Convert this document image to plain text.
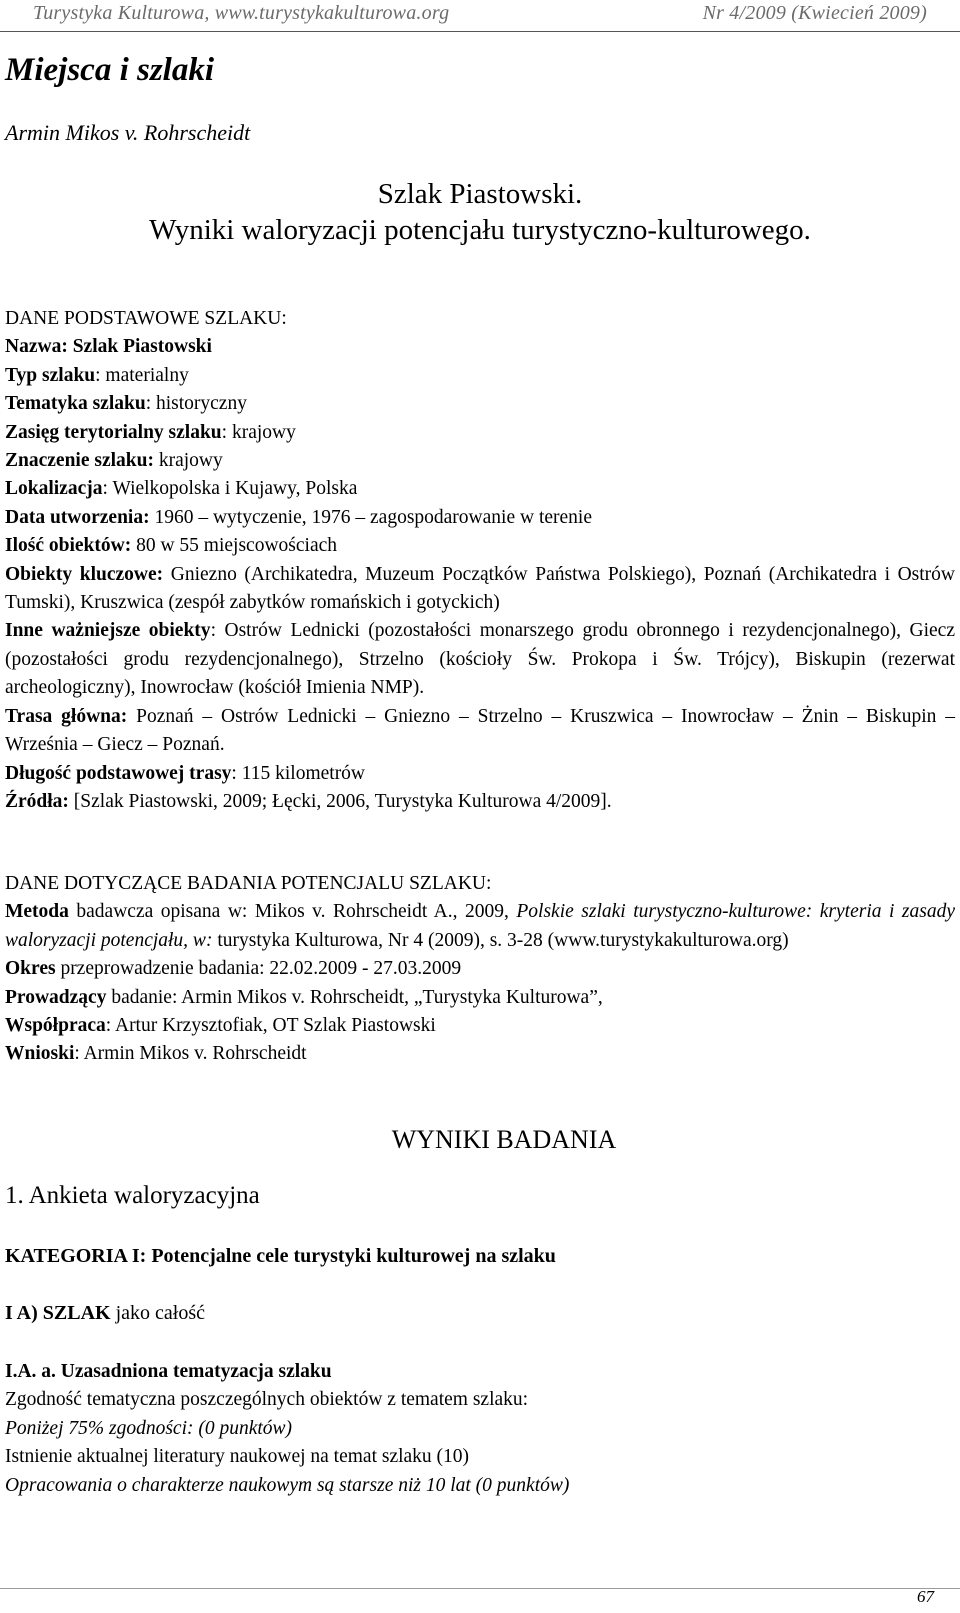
Turystyka Kulturowa, www.turystykakulturowa.org	Nr 4/2009 (Kwiecień 2009)
Miejsca i szlaki
Armin Mikos v. Rohrscheidt
Szlak Piastowski.
Wyniki waloryzacji potencjału turystyczno-kulturowego.

DANE PODSTAWOWE SZLAKU:

Nazwa: Szlak Piastowski

Typ szlaku: materialny

Tematyka szlaku: historyczny

Zasięg terytorialny szlaku: krajowy

Znaczenie szlaku: krajowy

Lokalizacja: Wielkopolska i Kujawy, Polska

Data utworzenia: 1960 – wytyczenie, 1976 – zagospodarowanie w terenie

Ilość obiektów: 80 w 55 miejscowościach

Obiekty kluczowe: Gniezno (Archikatedra, Muzeum Początków Państwa Polskiego), Poznań (Archikatedra i Ostrów Tumski), Kruszwica (zespół zabytków romańskich i gotyckich)

Inne ważniejsze obiekty: Ostrów Lednicki (pozostałości monarszego grodu obronnego i rezydencjonalnego), Giecz (pozostałości grodu rezydencjonalnego), Strzelno (kościoły Św. Prokopa i Św. Trójcy), Biskupin (rezerwat archeologiczny), Inowrocław (kościół Imienia NMP).

Trasa główna: Poznań – Ostrów Lednicki – Gniezno – Strzelno – Kruszwica – Inowrocław – Żnin – Biskupin – Września – Giecz – Poznań.

Długość podstawowej trasy: 115 kilometrów

Źródła: [Szlak Piastowski, 2009; Łęcki, 2006, Turystyka Kulturowa 4/2009].

DANE DOTYCZĄCE BADANIA POTENCJALU SZLAKU:

Metoda badawcza opisana w: Mikos v. Rohrscheidt A., 2009, Polskie szlaki turystyczno-kulturowe: kryteria i zasady waloryzacji potencjału, w: turystyka Kulturowa, Nr 4 (2009), s. 3-28 (www.turystykakulturowa.org)

Okres przeprowadzenie badania: 22.02.2009 - 27.03.2009

Prowadzący badanie: Armin Mikos v. Rohrscheidt, „Turystyka Kulturowa”,

Współpraca: Artur Krzysztofiak, OT Szlak Piastowski

Wnioski: Armin Mikos v. Rohrscheidt

WYNIKI BADANIA
1. Ankieta waloryzacyjna
KATEGORIA I: Potencjalne cele turystyki kulturowej na szlaku
I A) SZLAK jako całość

I.A. a. Uzasadniona tematyzacja szlaku

Zgodność tematyczna poszczególnych obiektów z tematem szlaku:

Poniżej 75% zgodności: (0 punktów)

Istnienie aktualnej literatury naukowej na temat szlaku (10)

Opracowania o charakterze naukowym są starsze niż 10 lat (0 punktów)

67
